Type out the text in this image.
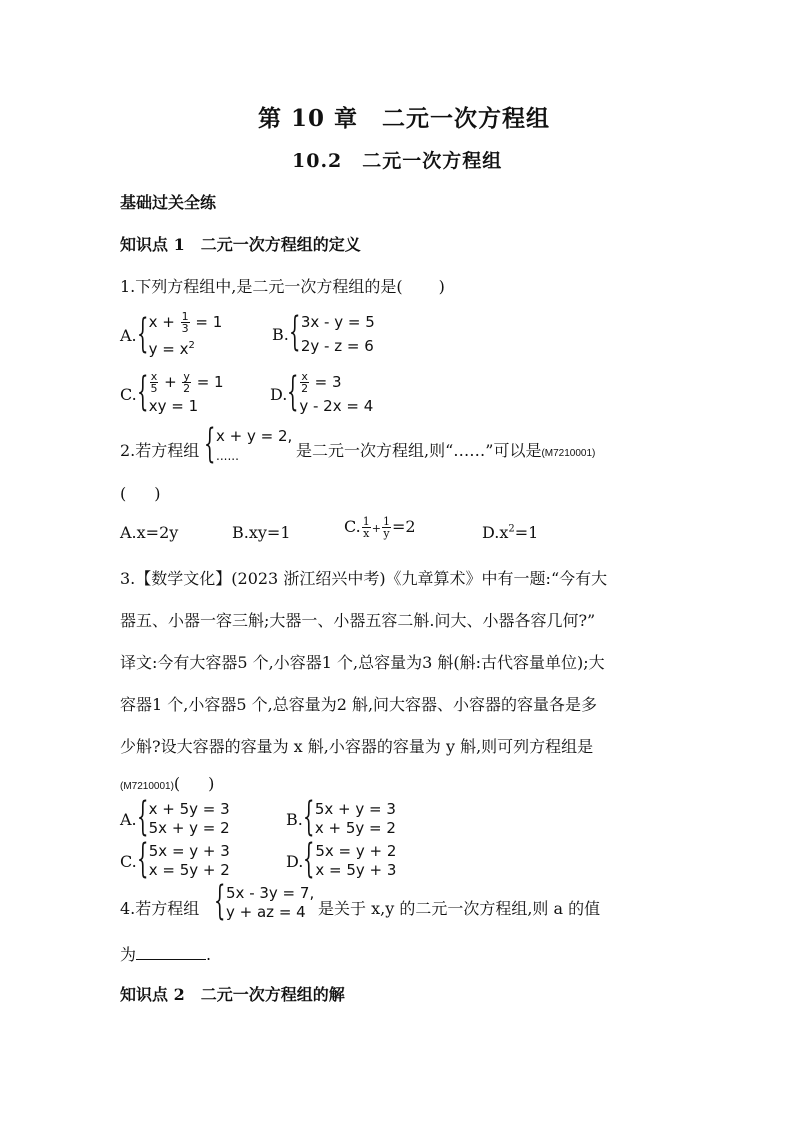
第 10 章　二元一次方程组
10.2　二元一次方程组
基础过关全练
知识点 1　二元一次方程组的定义
1.下列方程组中,是二元一次方程组的是( )
A. { $x + \frac{1}{3} = 1$
$y = x^2$
B. { 3x - y = 5
2y - z = 6
C. { $\frac{x}{5} + \frac{y}{2} = 1$
xy = 1
D. { $\frac{x}{2} = 3$
y - 2x = 4
2.若方程组 { x + y = 2,
......	是二元一次方程组,则“……”可以是(M7210001)
( )
A.x=2y	B.xy=1	C. $\frac{1}{x} + \frac{1}{y} =2$	$D.x^2=1$
3.【数学文化】(2023 浙江绍兴中考)《九章算术》中有一题:“今有大
器五、小器一容三斛;大器一、小器五容二斛.问大、小器各容几何?”
译文:今有大容器5 个,小容器1 个,总容量为3 斛(斛:古代容量单位);大
容器1 个,小容器5 个,总容量为2 斛,问大容器、小容器的容量各是多
少斛?设大容器的容量为 x 斛,小容器的容量为 y 斛,则可列方程组是
(M7210001)( )
A. { x + 5y = 3
5x + y = 2	B. { 5x + y = 3
x + 5y = 2
C. { 5x = y + 3
x = 5y + 2	D. { 5x = y + 2
x = 5y + 3
4.若方程组 { 5x - 3y = 7,
y + az = 4 是关于 x,y 的二元一次方程组,则 a 的值
为	.
知识点 2　二元一次方程组的解
